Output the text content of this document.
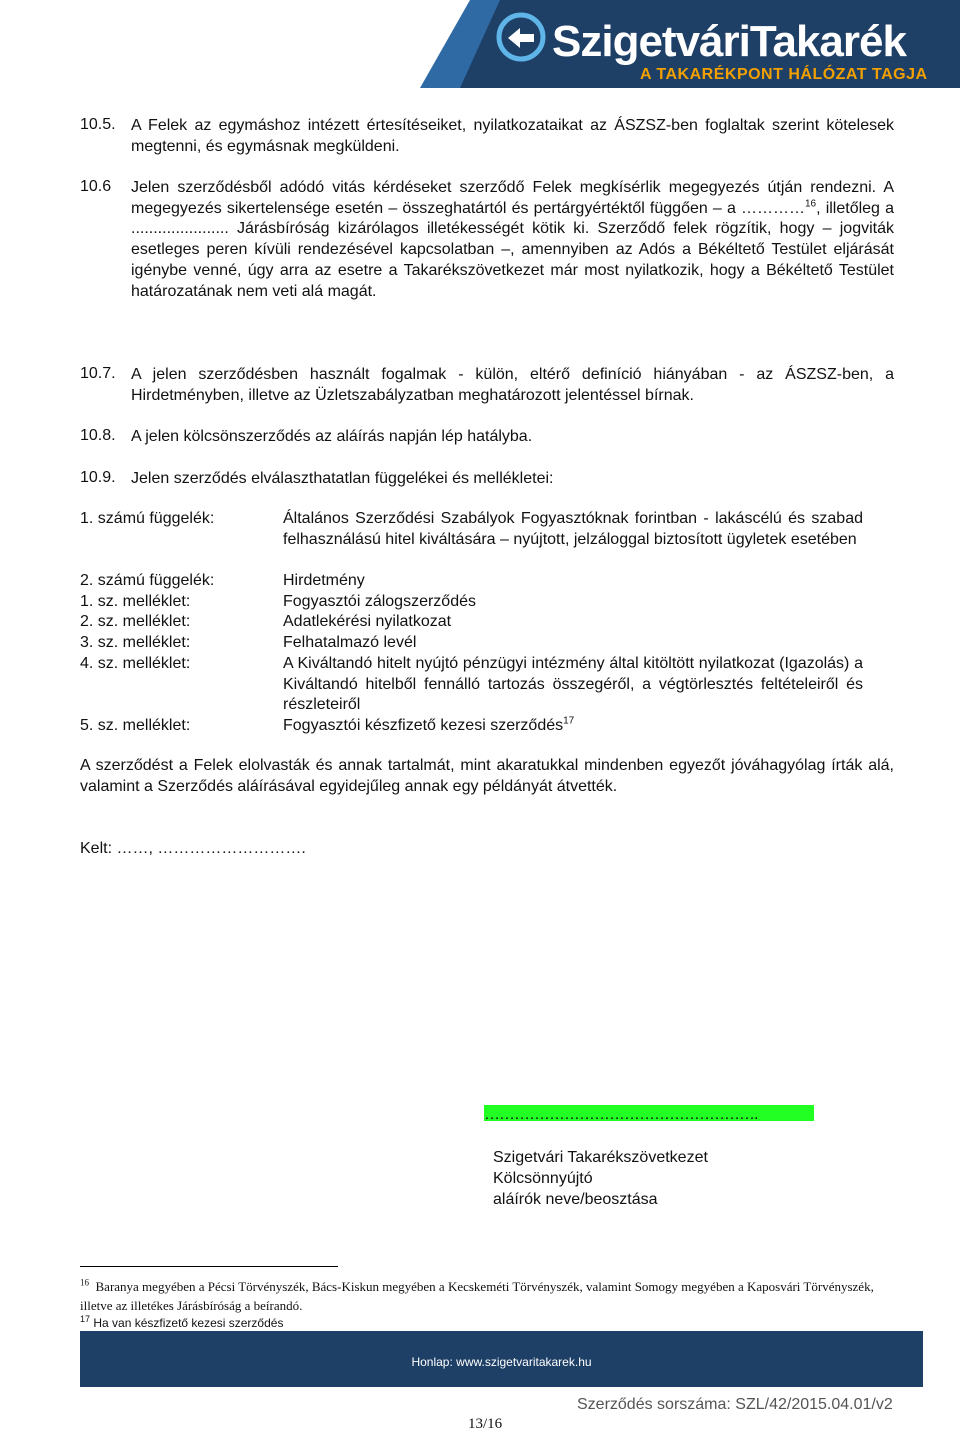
SzigetváriTakarék
A TAKARÉKPONT HÁLÓZAT TAGJA
10.5. A Felek az egymáshoz intézett értesítéseiket, nyilatkozataikat az ÁSZSZ-ben foglaltak szerint kötelesek megtenni, és egymásnak megküldeni.
10.6 Jelen szerződésből adódó vitás kérdéseket szerződő Felek megkísérlik megegyezés útján rendezni. A megegyezés sikertelensége esetén – összeghatártól és pertárgyértéktől függően – a …………$^{16}$, illetőleg a ...................... Járásbíróság kizárólagos illetékességét kötik ki. Szerződő felek rögzítik, hogy – jogviták esetleges peren kívüli rendezésével kapcsolatban –, amennyiben az Adós a Békéltető Testület eljárását igénybe venné, úgy arra az esetre a Takarékszövetkezet már most nyilatkozik, hogy a Békéltető Testület határozatának nem veti alá magát.
10.7. A jelen szerződésben használt fogalmak - külön, eltérő definíció hiányában - az ÁSZSZ-ben, a Hirdetményben, illetve az Üzletszabályzatban meghatározott jelentéssel bírnak.
10.8. A jelen kölcsönszerződés az aláírás napján lép hatályba.
10.9. Jelen szerződés elválaszthatatlan függelékei és mellékletei:
1. számú függelék:	Általános Szerződési Szabályok Fogyasztóknak forintban - lakáscélú és szabad felhasználású hitel kiváltására – nyújtott, jelzáloggal biztosított ügyletek esetében
2. számú függelék:	Hirdetmény
1. sz. melléklet:	Fogyasztói zálogszerződés
2. sz. melléklet:	Adatlekérési nyilatkozat
3. sz. melléklet:	Felhatalmazó levél
4. sz. melléklet:	A Kiváltandó hitelt nyújtó pénzügyi intézmény által kitöltött nyilatkozat (Igazolás) a Kiváltandó hitelből fennálló tartozás összegéről, a végtörlesztés feltételeiről és részleteiről
5. sz. melléklet:	Fogyasztói készfizető kezesi szerződés$^{17}$
A szerződést a Felek elolvasták és annak tartalmát, mint akaratukkal mindenben egyezőt jóváhagyólag írták alá, valamint a Szerződés aláírásával egyidejűleg annak egy példányát átvették.
Kelt: ……, ……………………….
……………………………………………….
Szigetvári Takarékszövetkezet
Kölcsönnyújtó
aláírók neve/beosztása
$^{16}$ Baranya megyében a Pécsi Törvényszék, Bács-Kiskun megyében a Kecskeméti Törvényszék, valamint Somogy megyében a Kaposvári Törvényszék, illetve az illetékes Járásbíróság a beírandó.
$^{17}$ Ha van készfizető kezesi szerződés
Honlap: www.szigetvaritakarek.hu
Szerződés sorszáma: SZL/42/2015.04.01/v2
13/16
